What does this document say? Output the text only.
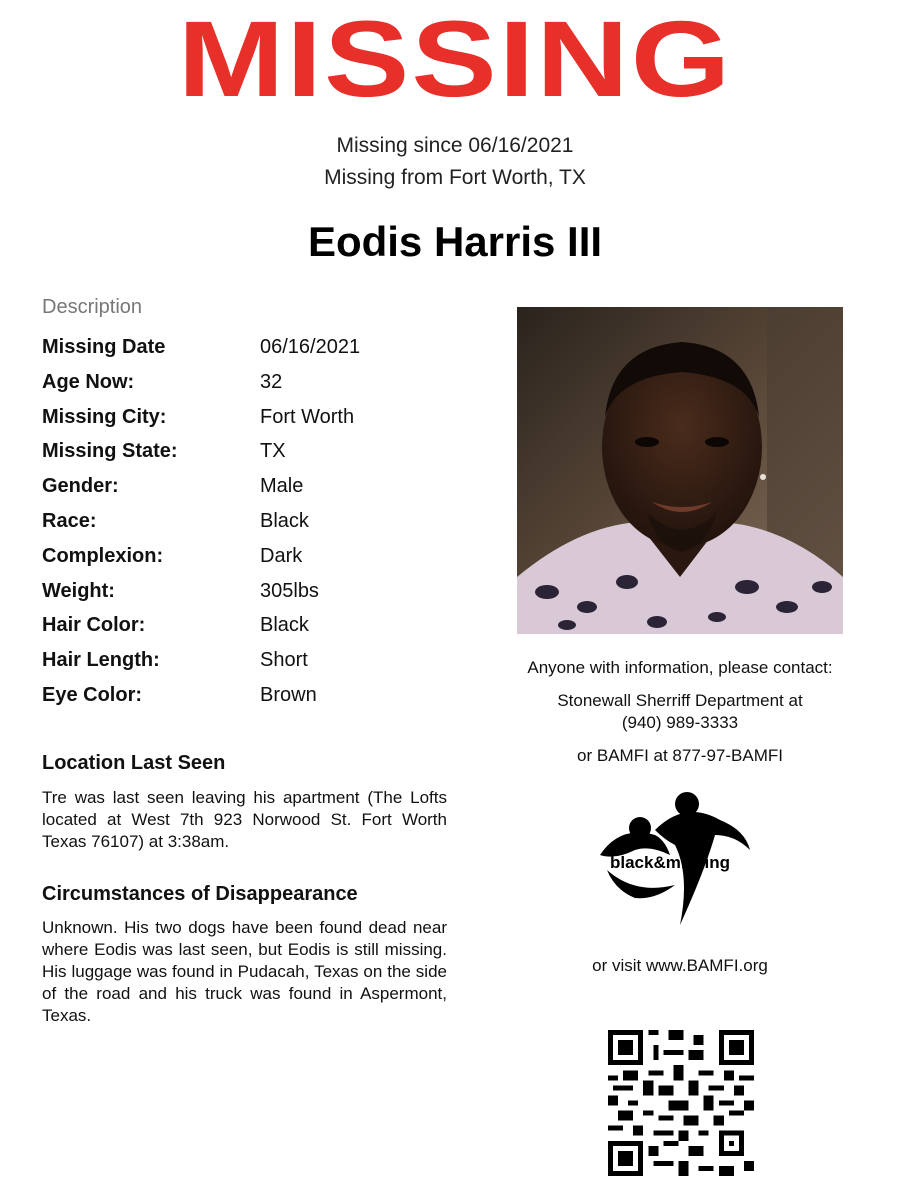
MISSING
Missing since 06/16/2021
Missing from Fort Worth, TX
Eodis Harris III
Description
Missing Date	06/16/2021
Age Now:	32
Missing City:	Fort Worth
Missing State:	TX
Gender:	Male
Race:	Black
Complexion:	Dark
Weight:	305lbs
Hair Color:	Black
Hair Length:	Short
Eye Color:	Brown
Location Last Seen
Tre was last seen leaving his apartment (The Lofts located at West 7th 923 Norwood St. Fort Worth Texas 76107) at 3:38am.
Circumstances of Disappearance
Unknown. His two dogs have been found dead near where Eodis was last seen, but Eodis is still missing. His luggage was found in Pudacah, Texas on the side of the road and his truck was found in Aspermont, Texas.
Anyone with information, please contact:
Stonewall Sherriff Department at
(940) 989-3333
or BAMFI at 877-97-BAMFI
black&missing
or visit www.BAMFI.org
